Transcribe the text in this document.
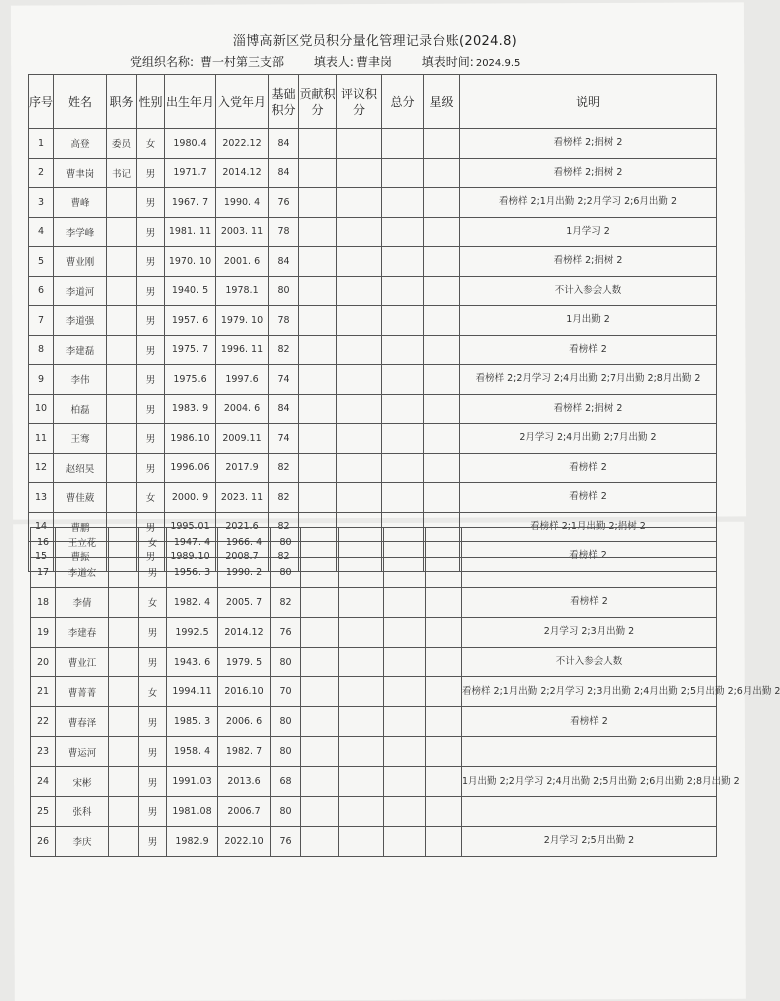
淄博高新区党员积分量化管理记录台账(2024.8)
党组织名称: 曹一村第三支部 填表人: 曹聿岗 填表时间: 2024.9.5
序号	姓名	职务	性别	出生年月	入党年月	基础积分	贡献积分	评议积分	总分	星级	说明
1	高登	委员	女	1980.4	2022.12	84					看榜样 2;捐树 2
2	曹聿岗	书记	男	1971.7	2014.12	84					看榜样 2;捐树 2
3	曹峰		男	1967. 7	1990. 4	76					看榜样 2;1月出勤 2;2月学习 2;6月出勤 2
4	李学峰		男	1981. 11	2003. 11	78					1月学习 2
5	曹业刚		男	1970. 10	2001. 6	84					看榜样 2;捐树 2
6	李道河		男	1940. 5	1978.1	80					不计入参会人数
7	李道强		男	1957. 6	1979. 10	78					1月出勤 2
8	李建磊		男	1975. 7	1996. 11	82					看榜样 2
9	李伟		男	1975.6	1997.6	74					看榜样 2;2月学习 2;4月出勤 2;7月出勤 2;8月出勤 2
10	柏磊		男	1983. 9	2004. 6	84					看榜样 2;捐树 2
11	王骞		男	1986.10	2009.11	74					2月学习 2;4月出勤 2;7月出勤 2
12	赵绍昊		男	1996.06	2017.9	82					看榜样 2
13	曹佳葳		女	2000. 9	2023. 11	82					看榜样 2
14	曹鹏		男	1995.01	2021.6	82					看榜样 2;1月出勤 2;捐树 2
15	曹振		男	1989.10	2008.7	82					看榜样 2
16	王立花		女	1947. 4	1966. 4	80					
17	李道宏		男	1956. 3	1990. 2	80					
18	李倩		女	1982. 4	2005. 7	82					看榜样 2
19	李建春		男	1992.5	2014.12	76					2月学习 2;3月出勤 2
20	曹业江		男	1943. 6	1979. 5	80					不计入参会人数
21	曹菁菁		女	1994.11	2016.10	70					看榜样 2;1月出勤 2;2月学习 2;3月出勤 2;4月出勤 2;5月出勤 2;6月出勤 2
22	曹春泽		男	1985. 3	2006. 6	80					看榜样 2
23	曹运河		男	1958. 4	1982. 7	80					
24	宋彬		男	1991.03	2013.6	68					1月出勤 2;2月学习 2;4月出勤 2;5月出勤 2;6月出勤 2;8月出勤 2
25	张科		男	1981.08	2006.7	80					
26	李庆		男	1982.9	2022.10	76					2月学习 2;5月出勤 2
